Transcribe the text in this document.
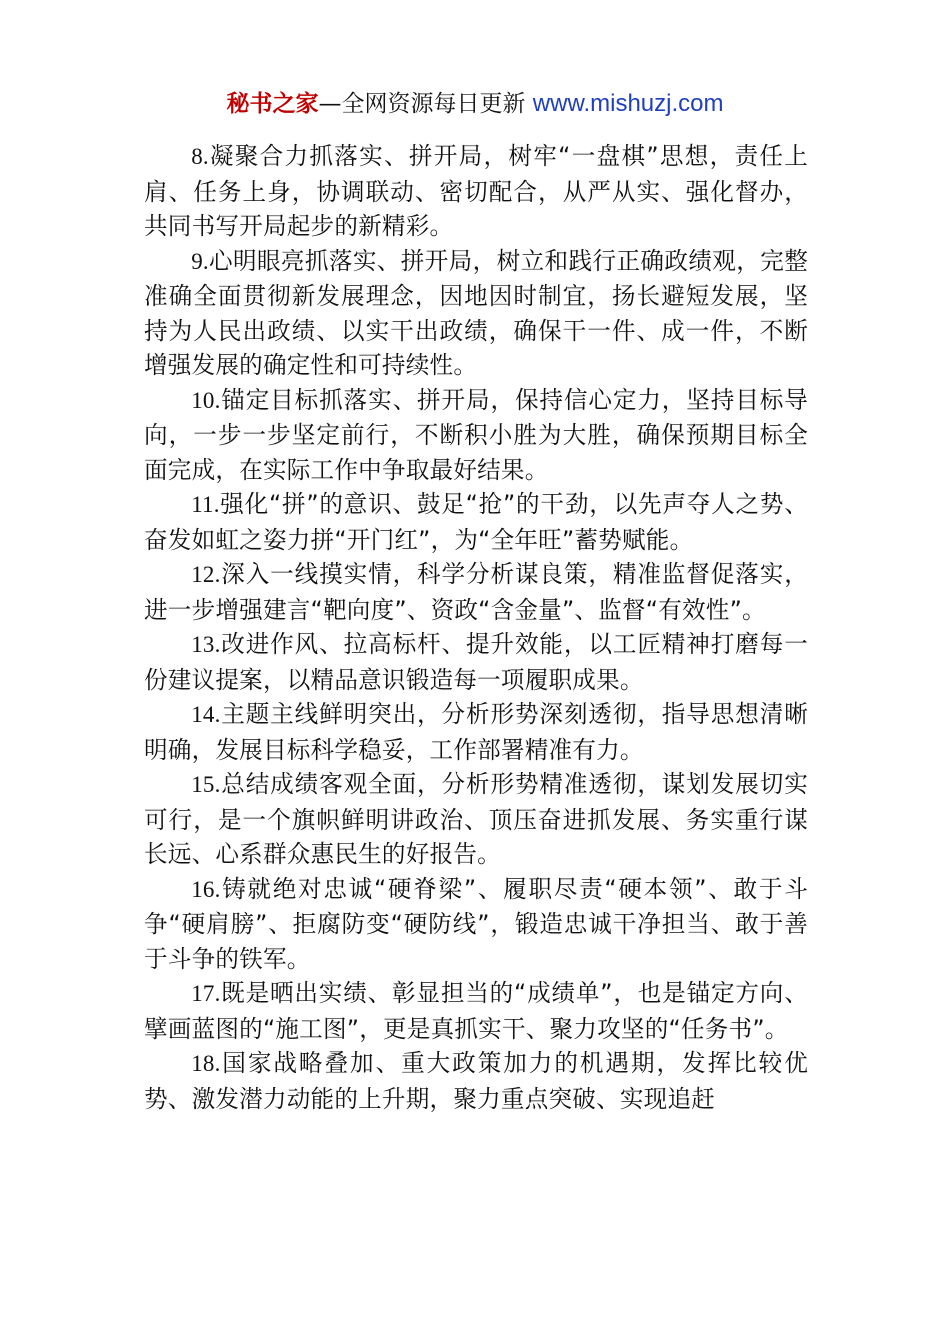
秘书之家—全网资源每日更新 www.mishuzj.com

8.凝聚合力抓落实、拼开局，树牢“一盘棋”思想，责任上肩、任务上身，协调联动、密切配合，从严从实、强化督办，共同书写开局起步的新精彩。

9.心明眼亮抓落实、拼开局，树立和践行正确政绩观，完整准确全面贯彻新发展理念，因地因时制宜，扬长避短发展，坚持为人民出政绩、以实干出政绩，确保干一件、成一件，不断增强发展的确定性和可持续性。

10.锚定目标抓落实、拼开局，保持信心定力，坚持目标导向，一步一步坚定前行，不断积小胜为大胜，确保预期目标全面完成，在实际工作中争取最好结果。

11.强化“拼”的意识、鼓足“抢”的干劲，以先声夺人之势、奋发如虹之姿力拼“开门红”，为“全年旺”蓄势赋能。

12.深入一线摸实情，科学分析谋良策，精准监督促落实，进一步增强建言“靶向度”、资政“含金量”、监督“有效性”。

13.改进作风、拉高标杆、提升效能，以工匠精神打磨每一份建议提案，以精品意识锻造每一项履职成果。

14.主题主线鲜明突出，分析形势深刻透彻，指导思想清晰明确，发展目标科学稳妥，工作部署精准有力。

15.总结成绩客观全面，分析形势精准透彻，谋划发展切实可行，是一个旗帜鲜明讲政治、顶压奋进抓发展、务实重行谋长远、心系群众惠民生的好报告。

16.铸就绝对忠诚“硬脊梁”、履职尽责“硬本领”、敢于斗争“硬肩膀”、拒腐防变“硬防线”，锻造忠诚干净担当、敢于善于斗争的铁军。

17.既是晒出实绩、彰显担当的“成绩单”，也是锚定方向、擘画蓝图的“施工图”，更是真抓实干、聚力攻坚的“任务书”。

18.国家战略叠加、重大政策加力的机遇期，发挥比较优势、激发潜力动能的上升期，聚力重点突破、实现追赶
